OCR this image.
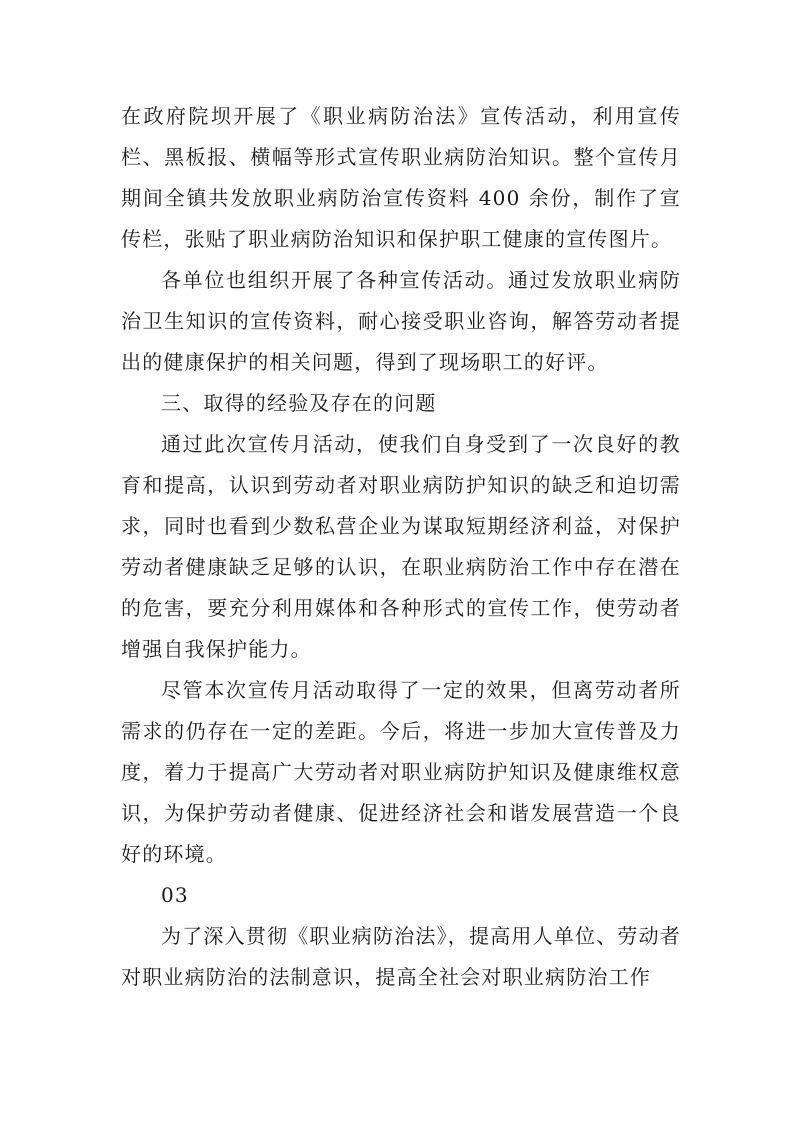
在政府院坝开展了《职业病防治法》宣传活动，利用宣传栏、黑板报、横幅等形式宣传职业病防治知识。整个宣传月期间全镇共发放职业病防治宣传资料 400 余份，制作了宣传栏，张贴了职业病防治知识和保护职工健康的宣传图片。

各单位也组织开展了各种宣传活动。通过发放职业病防治卫生知识的宣传资料，耐心接受职业咨询，解答劳动者提出的健康保护的相关问题，得到了现场职工的好评。

三、取得的经验及存在的问题

通过此次宣传月活动，使我们自身受到了一次良好的教育和提高，认识到劳动者对职业病防护知识的缺乏和迫切需求，同时也看到少数私营企业为谋取短期经济利益，对保护劳动者健康缺乏足够的认识，在职业病防治工作中存在潜在的危害，要充分利用媒体和各种形式的宣传工作，使劳动者增强自我保护能力。

尽管本次宣传月活动取得了一定的效果，但离劳动者所需求的仍存在一定的差距。今后，将进一步加大宣传普及力度，着力于提高广大劳动者对职业病防护知识及健康维权意识，为保护劳动者健康、促进经济社会和谐发展营造一个良好的环境。

03

为了深入贯彻《职业病防治法》，提高用人单位、劳动者对职业病防治的法制意识，提高全社会对职业病防治工作
